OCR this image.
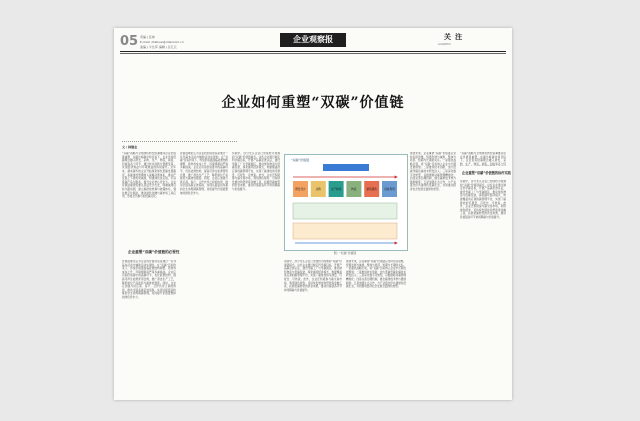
05 责编 | 张帅
E-mail: zhshuai@intercom.cn
美编 | 牛达军 编辑 | 任亿元
企业观察报	关注
GUANZHU
企业如何重塑“双碳”价值链
文 / 韩继业
“双碳”战略与全球绿色转型浪潮推动企业价值链重塑，在碳达峰碳中和目标下，企业需将低碳理念融入研发、采购、生产、物流、销售、回收等各个环节，通过技术创新与管理变革，实现经济效益与环境效益的协同提升。近年来，越来越多的企业开始探索绿色低碳发展路径，将碳排放管理纳入战略决策体系，推动产业链上下游协同减排，构建绿色供应链，打造低碳产品与服务，提升企业核心竞争力。企业价值链重塑需要从顶层设计出发，明确减排目标与路线图，建立碳排放核算与披露体系，强化数字化赋能，推动绿色金融与碳市场工具应用，形成全员参与的低碳文化。
企业重塑“双碳”价值链的必要性
价值链理论认为企业的价值创造是通过一系列基本活动与辅助活动实现的。在“双碳”目标约束下，传统价值链面临能源结构调整、原材料成本上升、环境规制趋严等多重挑战。企业应识别价值链中的高碳环节，优化能源结构，提高可再生能源使用比例，推广清洁生产工艺，降低单位产品能耗与碳排放强度。同时，企业应加强与供应商、客户、合作伙伴之间的协同，推动全链条碳足迹追踪，实现从摇篮到坟墓的全生命周期碳管理，进而提升价值链整体的绿色竞争力。
价值链理论认为企业的价值创造是通过一系列基本活动与辅助活动实现的。在“双碳”目标约束下，传统价值链面临能源结构调整、原材料成本上升、环境规制趋严等多重挑战。企业应识别价值链中的高碳环节，优化能源结构，提高可再生能源使用比例，推广清洁生产工艺，降低单位产品能耗与碳排放强度。同时，企业应加强与供应商、客户、合作伙伴之间的协同，推动全链条碳足迹追踪，实现从摇篮到坟墓的全生命周期碳管理，进而提升价值链整体的绿色竞争力。
实践中，部分龙头企业已形成较为成熟的“双碳”价值链模式。这些企业通过制定科学碳目标，开展产品碳足迹认证，建设零碳工厂与零碳园区，推动绿色物流与低碳包装，探索循环经济模式，构建覆盖供应商的碳管理平台，实现了碳排放的可测量、可报告、可核查。此外，企业还积极参与碳交易市场，利用绿色债券、可持续发展挂钩贷款等金融工具，拓展低碳转型的资金来源，推动价值链各环节协同降碳与价值提升。
“双碳”价值链
研发设计	采购	生产制造	物流	销售服务	回收利用
图：“双碳”价值链
实践中，部分龙头企业已形成较为成熟的“双碳”价值链模式。这些企业通过制定科学碳目标，开展产品碳足迹认证，建设零碳工厂与零碳园区，推动绿色物流与低碳包装，探索循环经济模式，构建覆盖供应商的碳管理平台，实现了碳排放的可测量、可报告、可核查。此外，企业还积极参与碳交易市场，利用绿色债券、可持续发展挂钩贷款等金融工具，拓展低碳转型的资金来源，推动价值链各环节协同降碳与价值提升。
展望未来，企业重塑“双碳”价值链应坚持系统思维，统筹发展与减排、整体与局部、短期与长期的关系。一是强化战略引领，将“双碳”目标纳入企业中长期发展规划；二是推进技术创新，加大低碳零碳负碳技术研发投入；三是深化数字化转型，以数据驱动碳管理精细化；四是完善治理机制，健全碳排放考核与激励制度；五是加强生态合作，与产业链伙伴共建绿色低碳生态，共同推动经济社会发展全面绿色转型。
展望未来，企业重塑“双碳”价值链应坚持系统思维，统筹发展与减排、整体与局部、短期与长期的关系。一是强化战略引领，将“双碳”目标纳入企业中长期发展规划；二是推进技术创新，加大低碳零碳负碳技术研发投入；三是深化数字化转型，以数据驱动碳管理精细化；四是完善治理机制，健全碳排放考核与激励制度；五是加强生态合作，与产业链伙伴共建绿色低碳生态，共同推动经济社会发展全面绿色转型。
“双碳”战略与全球绿色转型浪潮推动企业价值链重塑，在碳达峰碳中和目标下，企业需将低碳理念融入研发、采购、生产、物流、销售、回收等各个环
企业重塑“双碳”价值链的标杆实践
实践中，部分龙头企业已形成较为成熟的“双碳”价值链模式。这些企业通过制定科学碳目标，开展产品碳足迹认证，建设零碳工厂与零碳园区，推动绿色物流与低碳包装，探索循环经济模式，构建覆盖供应商的碳管理平台，实现了碳排放的可测量、可报告、可核查。此外，企业还积极参与碳交易市场，利用绿色债券、可持续发展挂钩贷款等金融工具，拓展低碳转型的资金来源，推动价值链各环节协同降碳与价值提升。
